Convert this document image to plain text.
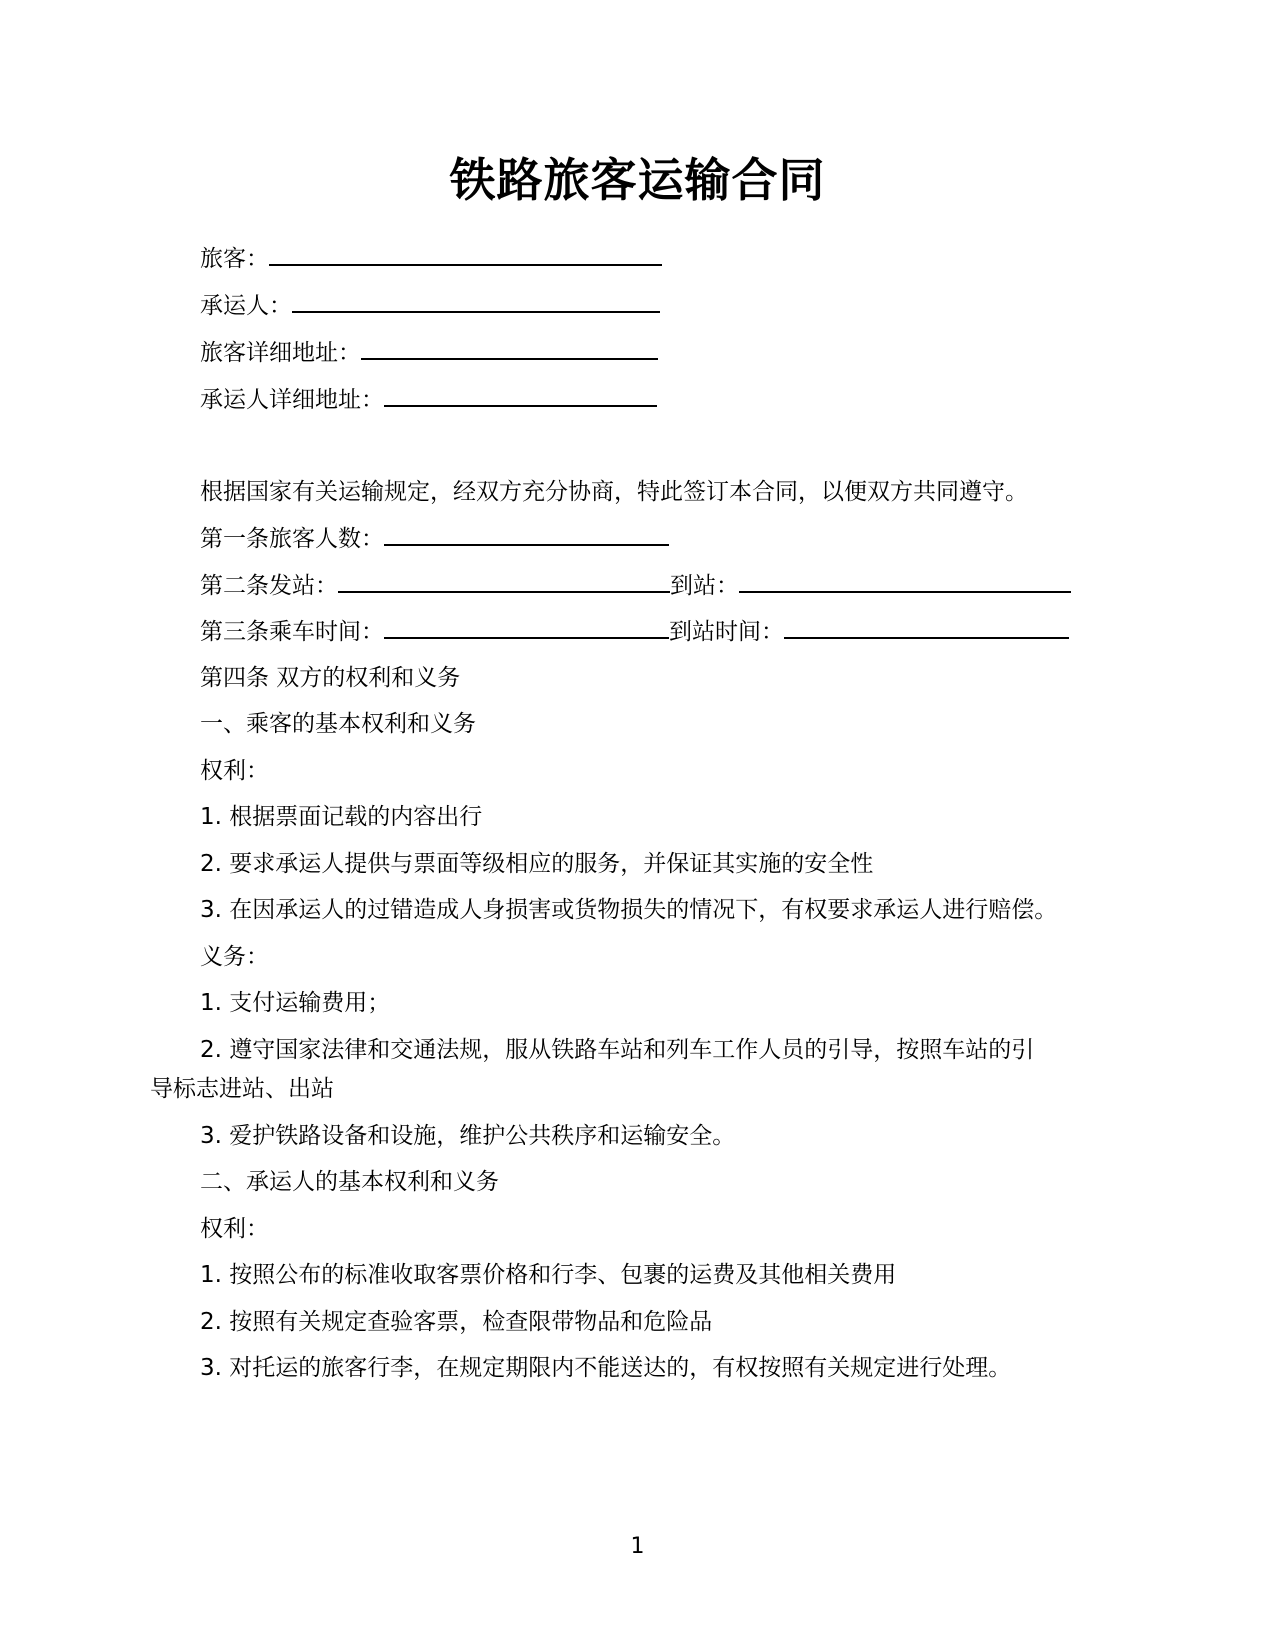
铁路旅客运输合同
旅客：
承运人：
旅客详细地址：
承运人详细地址：
根据国家有关运输规定，经双方充分协商，特此签订本合同，以便双方共同遵守。
第一条旅客人数：
第二条发站：	到站：
第三条乘车时间：	到站时间：
第四条 双方的权利和义务
一、乘客的基本权利和义务
权利：
1. 根据票面记载的内容出行
2. 要求承运人提供与票面等级相应的服务，并保证其实施的安全性
3. 在因承运人的过错造成人身损害或货物损失的情况下，有权要求承运人进行赔偿。
义务：
1. 支付运输费用；
2. 遵守国家法律和交通法规，服从铁路车站和列车工作人员的引导，按照车站的引
导标志进站、出站
3. 爱护铁路设备和设施，维护公共秩序和运输安全。
二、承运人的基本权利和义务
权利：
1. 按照公布的标准收取客票价格和行李、包裹的运费及其他相关费用
2. 按照有关规定查验客票，检查限带物品和危险品
3. 对托运的旅客行李，在规定期限内不能送达的，有权按照有关规定进行处理。
1
